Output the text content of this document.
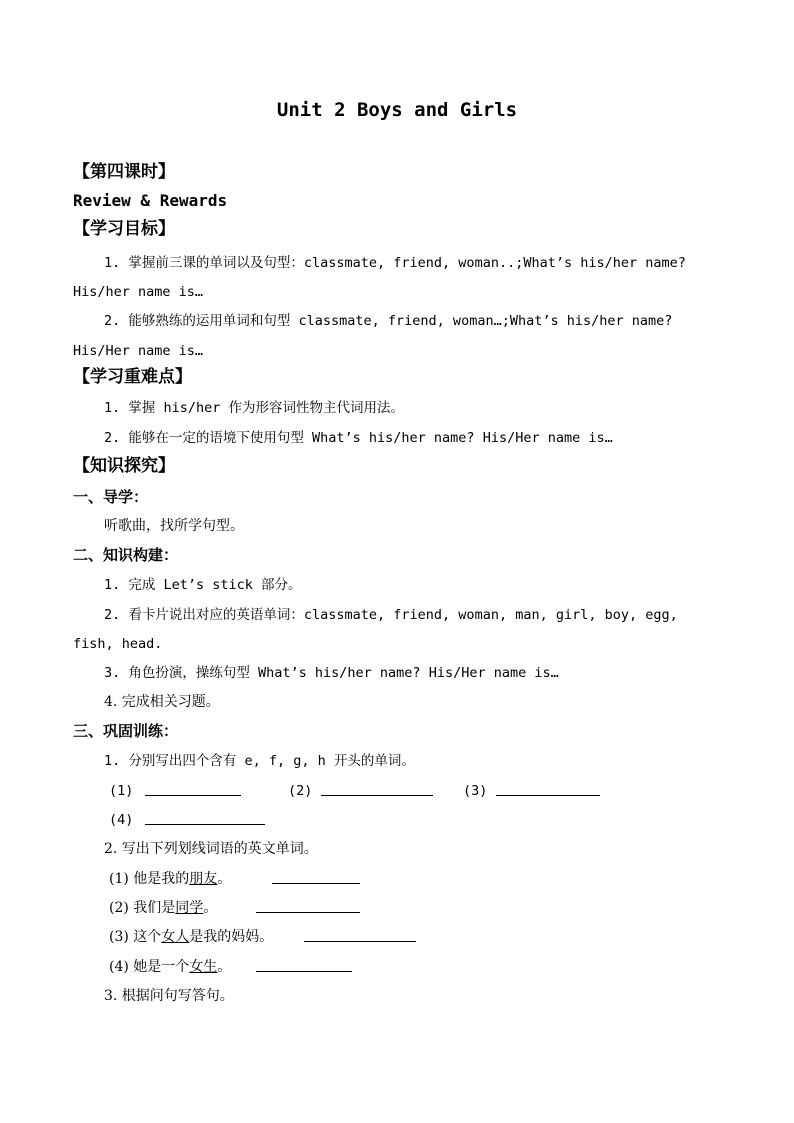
Unit 2 Boys and Girls
【第四课时】
Review & Rewards
【学习目标】
1. 掌握前三课的单词以及句型：classmate, friend, woman..;What’s his/her name?
His/her name is…
2. 能够熟练的运用单词和句型 classmate, friend, woman…;What’s his/her name?
His/Her name is…
【学习重难点】
1. 掌握 his/her 作为形容词性物主代词用法。
2. 能够在一定的语境下使用句型 What’s his/her name? His/Her name is…
【知识探究】
一、导学：
听歌曲，找所学句型。
二、知识构建：
1. 完成 Let’s stick 部分。
2. 看卡片说出对应的英语单词：classmate, friend, woman, man, girl, boy, egg,
fish, head.
3. 角色扮演，操练句型 What’s his/her name? His/Her name is…
4. 完成相关习题。
三、巩固训练：
1. 分别写出四个含有 e, f, g, h 开头的单词。
(1)	(2)	(3)
(4)
2. 写出下列划线词语的英文单词。
(1) 他是我的朋友。
(2) 我们是同学。
(3) 这个女人是我的妈妈。
(4) 她是一个女生。
3. 根据问句写答句。
